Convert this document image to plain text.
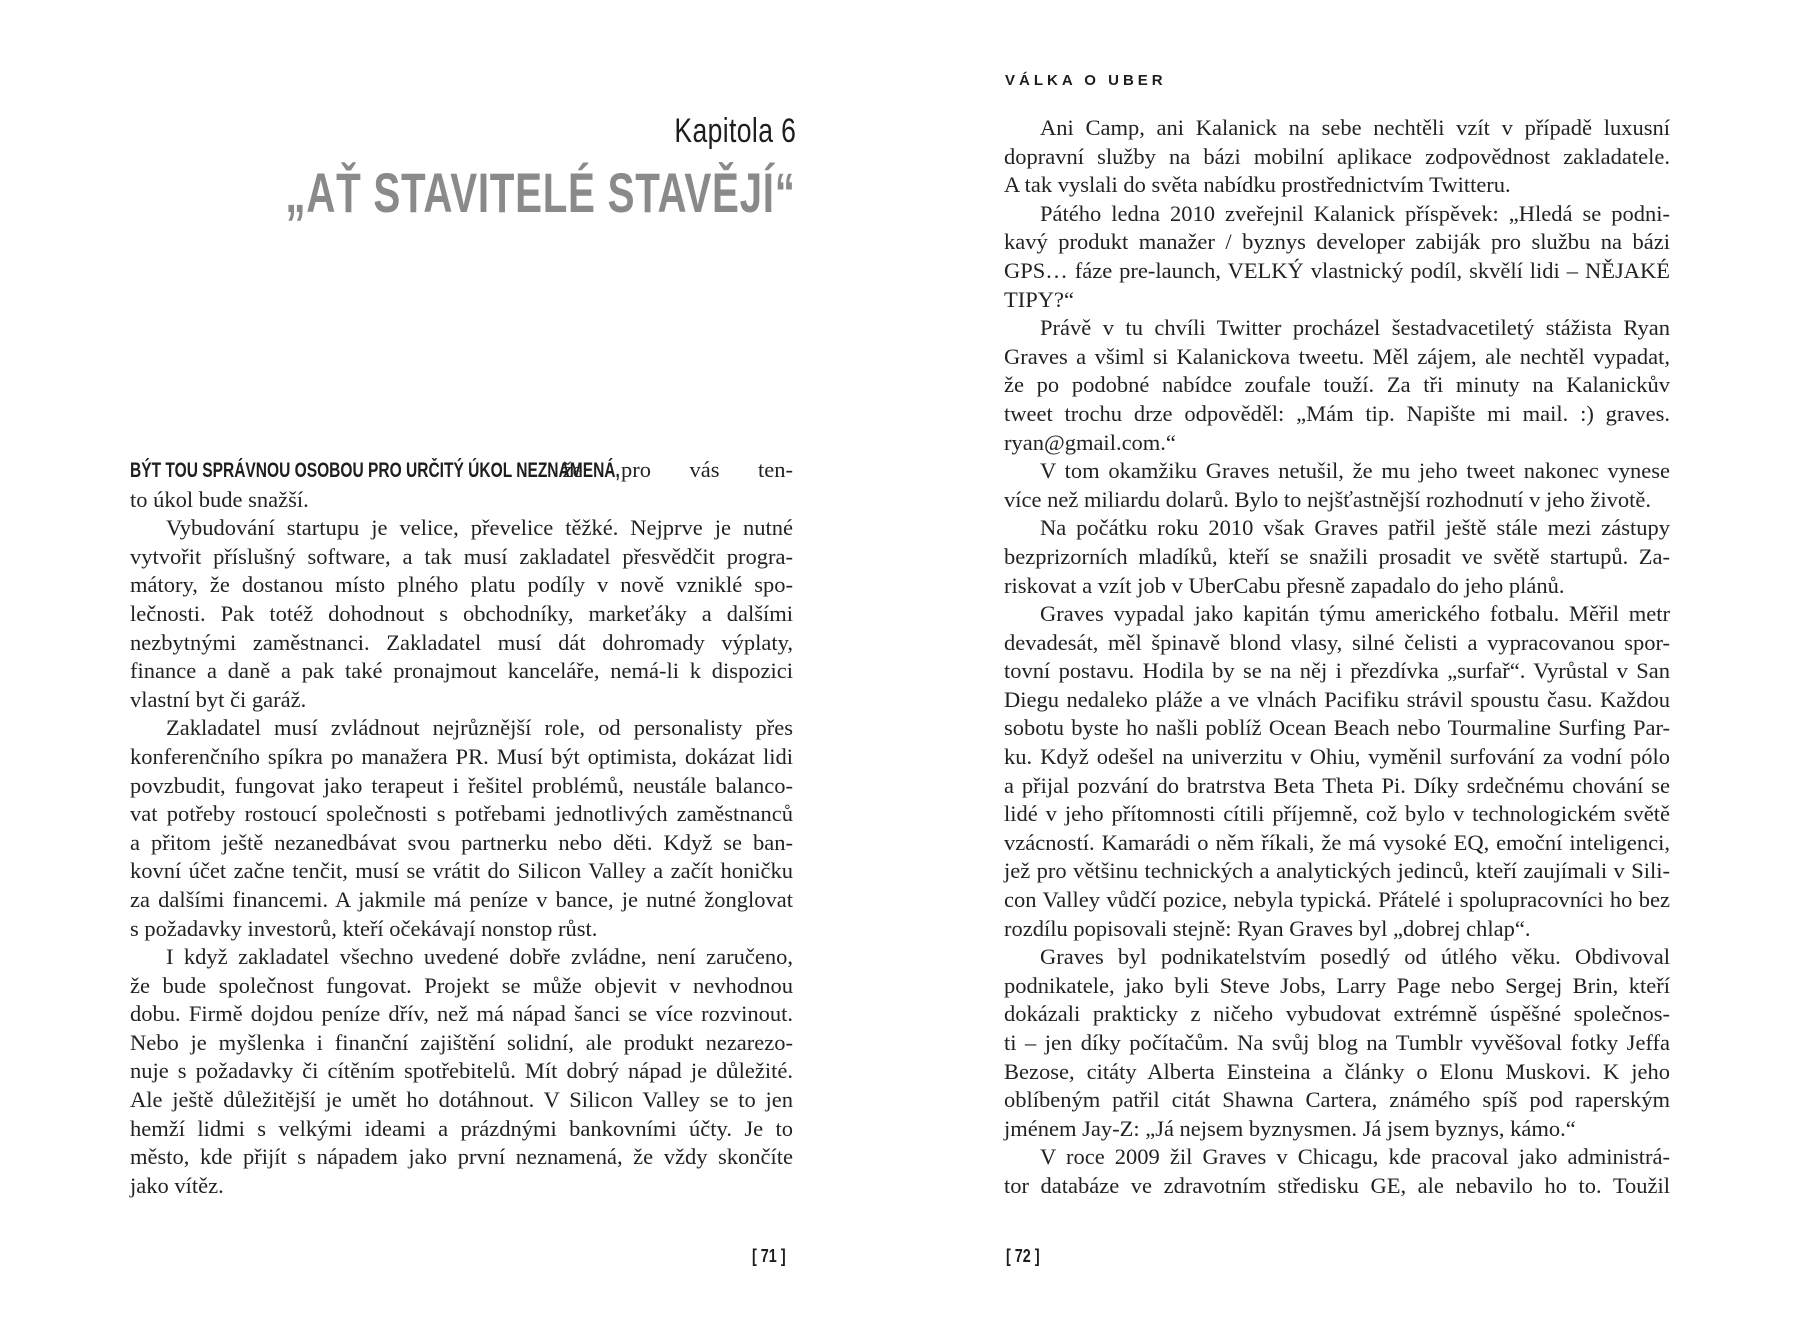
Kapitola 6
„AŤ STAVITELÉ STAVĚJÍ“
BÝT TOU SPRÁVNOU OSOBOU PRO URČITÝ ÚKOL NEZNAMENÁ, že pro vás ten-
to úkol bude snažší.
Vybudování startupu je velice, převelice těžké. Nejprve je nutné
vytvořit příslušný software, a tak musí zakladatel přesvědčit progra-
mátory, že dostanou místo plného platu podíly v nově vzniklé spo-
lečnosti. Pak totéž dohodnout s obchodníky, markeťáky a dalšími
nezbytnými zaměstnanci. Zakladatel musí dát dohromady výplaty,
finance a daně a pak také pronajmout kanceláře, nemá-li k dispozici
vlastní byt či garáž.
Zakladatel musí zvládnout nejrůznější role, od personalisty přes
konferenčního spíkra po manažera PR. Musí být optimista, dokázat lidi
povzbudit, fungovat jako terapeut i řešitel problémů, neustále balanco-
vat potřeby rostoucí společnosti s potřebami jednotlivých zaměstnanců
a přitom ještě nezanedbávat svou partnerku nebo děti. Když se ban-
kovní účet začne tenčit, musí se vrátit do Silicon Valley a začít honičku
za dalšími financemi. A jakmile má peníze v bance, je nutné žonglovat
s požadavky investorů, kteří očekávají nonstop růst.
I když zakladatel všechno uvedené dobře zvládne, není zaručeno,
že bude společnost fungovat. Projekt se může objevit v nevhodnou
dobu. Firmě dojdou peníze dřív, než má nápad šanci se více rozvinout.
Nebo je myšlenka i finanční zajištění solidní, ale produkt nezarezo-
nuje s požadavky či cítěním spotřebitelů. Mít dobrý nápad je důležité.
Ale ještě důležitější je umět ho dotáhnout. V Silicon Valley se to jen
hemží lidmi s velkými ideami a prázdnými bankovními účty. Je to
město, kde přijít s nápadem jako první neznamená, že vždy skončíte
jako vítěz.
[ 71 ]
VÁLKA O UBER
Ani Camp, ani Kalanick na sebe nechtěli vzít v případě luxusní
dopravní služby na bázi mobilní aplikace zodpovědnost zakladatele.
A tak vyslali do světa nabídku prostřednictvím Twitteru.
Pátého ledna 2010 zveřejnil Kalanick příspěvek: „Hledá se podni-
kavý produkt manažer / byznys developer zabiják pro službu na bázi
GPS… fáze pre-launch, VELKÝ vlastnický podíl, skvělí lidi – NĚJAKÉ
TIPY?“
Právě v tu chvíli Twitter procházel šestadvacetiletý stážista Ryan
Graves a všiml si Kalanickova tweetu. Měl zájem, ale nechtěl vypadat,
že po podobné nabídce zoufale touží. Za tři minuty na Kalanickův
tweet trochu drze odpověděl: „Mám tip. Napište mi mail. :) graves.
ryan@gmail.com.“
V tom okamžiku Graves netušil, že mu jeho tweet nakonec vynese
více než miliardu dolarů. Bylo to nejšťastnější rozhodnutí v jeho životě.
Na počátku roku 2010 však Graves patřil ještě stále mezi zástupy
bezprizorních mladíků, kteří se snažili prosadit ve světě startupů. Za-
riskovat a vzít job v UberCabu přesně zapadalo do jeho plánů.
Graves vypadal jako kapitán týmu amerického fotbalu. Měřil metr
devadesát, měl špinavě blond vlasy, silné čelisti a vypracovanou spor-
tovní postavu. Hodila by se na něj i přezdívka „surfař“. Vyrůstal v San
Diegu nedaleko pláže a ve vlnách Pacifiku strávil spoustu času. Každou
sobotu byste ho našli poblíž Ocean Beach nebo Tourmaline Surfing Par-
ku. Když odešel na univerzitu v Ohiu, vyměnil surfování za vodní pólo
a přijal pozvání do bratrstva Beta Theta Pi. Díky srdečnému chování se
lidé v jeho přítomnosti cítili příjemně, což bylo v technologickém světě
vzácností. Kamarádi o něm říkali, že má vysoké EQ, emoční inteligenci,
jež pro většinu technických a analytických jedinců, kteří zaujímali v Sili-
con Valley vůdčí pozice, nebyla typická. Přátelé i spolupracovníci ho bez
rozdílu popisovali stejně: Ryan Graves byl „dobrej chlap“.
Graves byl podnikatelstvím posedlý od útlého věku. Obdivoval
podnikatele, jako byli Steve Jobs, Larry Page nebo Sergej Brin, kteří
dokázali prakticky z ničeho vybudovat extrémně úspěšné společnos-
ti – jen díky počítačům. Na svůj blog na Tumblr vyvěšoval fotky Jeffa
Bezose, citáty Alberta Einsteina a články o Elonu Muskovi. K jeho
oblíbeným patřil citát Shawna Cartera, známého spíš pod raperským
jménem Jay-Z: „Já nejsem byznysmen. Já jsem byznys, kámo.“
V roce 2009 žil Graves v Chicagu, kde pracoval jako administrá-
tor databáze ve zdravotním středisku GE, ale nebavilo ho to. Toužil
[ 72 ]
